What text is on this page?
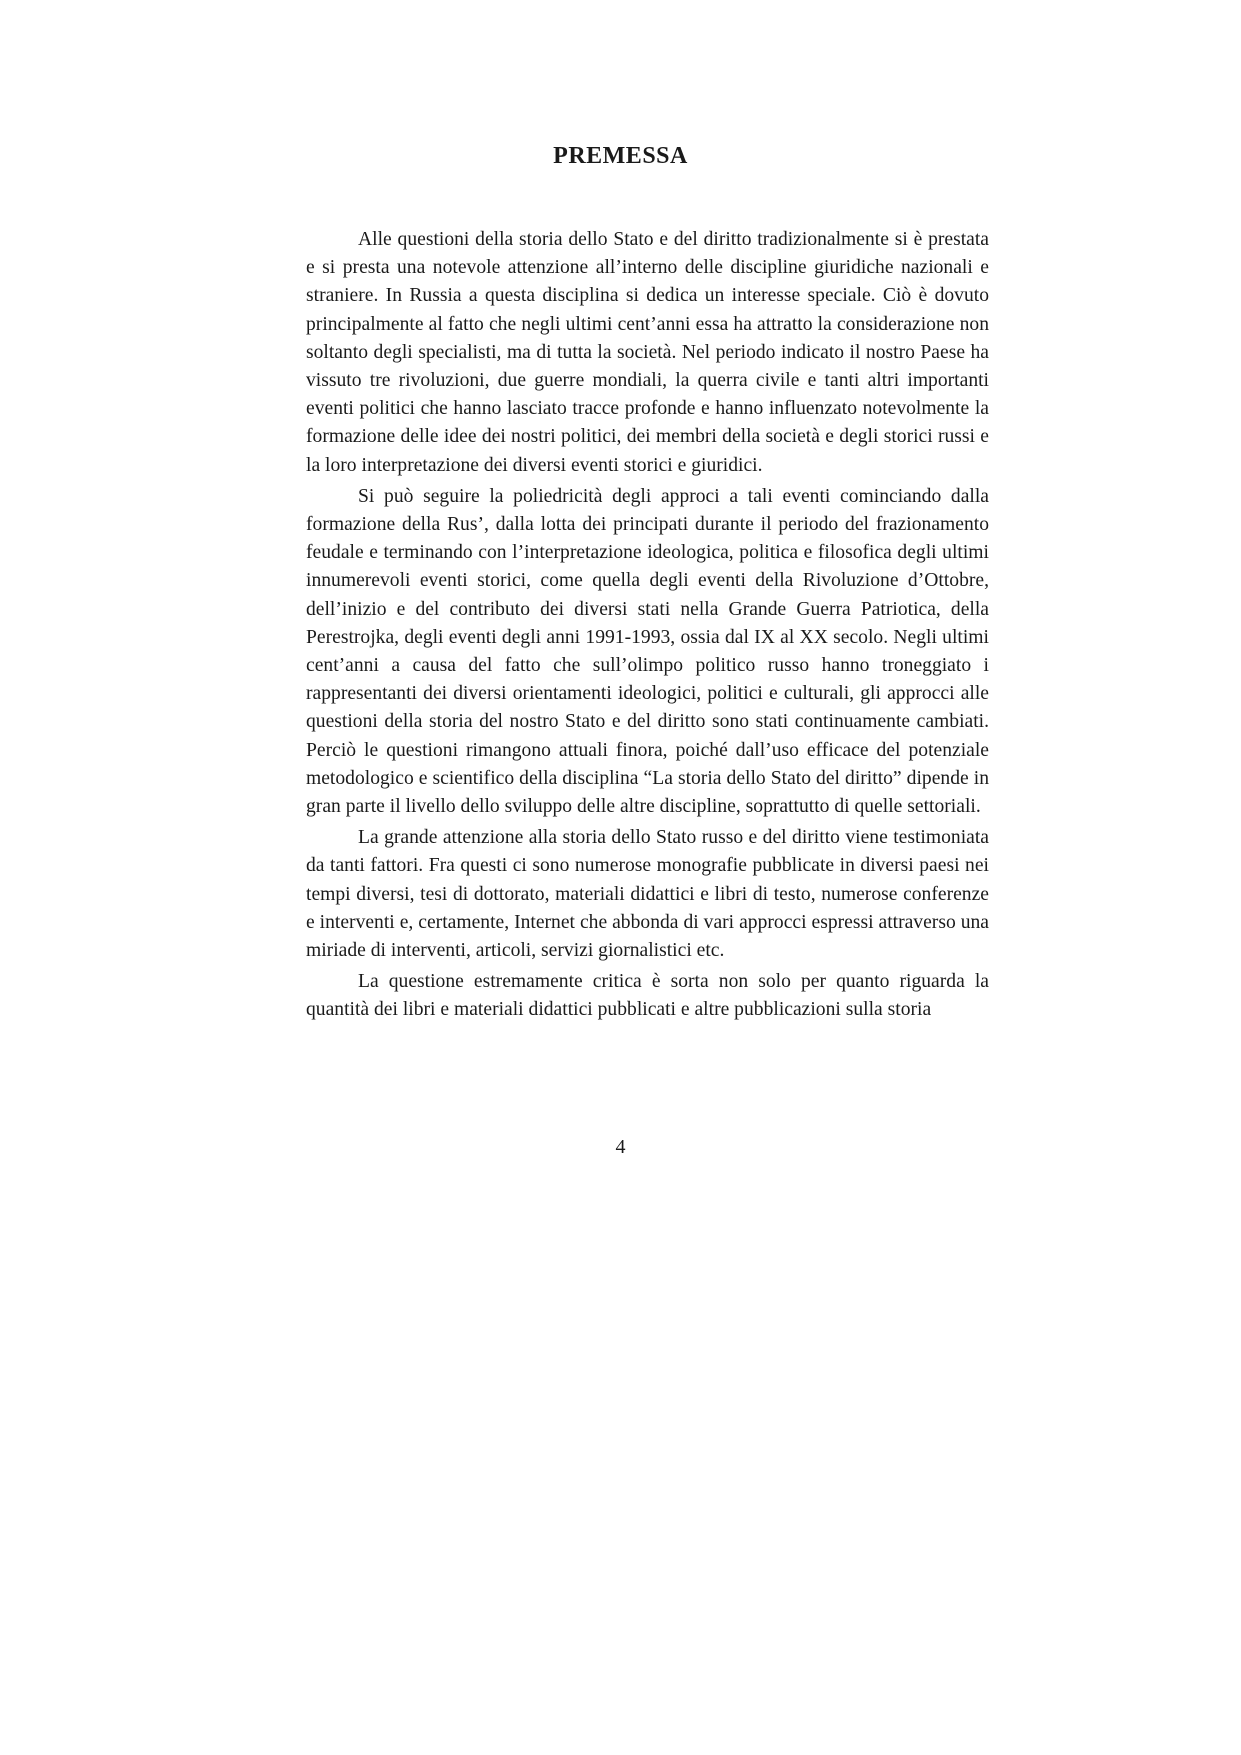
PREMESSA

Alle questioni della storia dello Stato e del diritto tradizionalmente si è prestata e si presta una notevole attenzione all’interno delle discipline giuridiche nazionali e straniere. In Russia a questa disciplina si dedica un interesse speciale. Ciò è dovuto principalmente al fatto che negli ultimi cent’anni essa ha attratto la considerazione non soltanto degli specialisti, ma di tutta la società. Nel periodo indicato il nostro Paese ha vissuto tre rivoluzioni, due guerre mondiali, la querra civile e tanti altri importanti eventi politici che hanno lasciato tracce profonde e hanno influenzato notevolmente la formazione delle idee dei nostri politici, dei membri della società e degli storici russi e la loro interpretazione dei diversi eventi storici e giuridici.

Si può seguire la poliedricità degli approci a tali eventi cominciando dalla formazione della Rus’, dalla lotta dei principati durante il periodo del frazionamento feudale e terminando con l’interpretazione ideologica, politica e filosofica degli ultimi innumerevoli eventi storici, come quella degli eventi della Rivoluzione d’Ottobre, dell’inizio e del contributo dei diversi stati nella Grande Guerra Patriotica, della Perestrojka, degli eventi degli anni 1991-1993, ossia dal IX al XX secolo. Negli ultimi cent’anni a causa del fatto che sull’olimpo politico russo hanno troneggiato i rappresentanti dei diversi orientamenti ideologici, politici e culturali, gli approcci alle questioni della storia del nostro Stato e del diritto sono stati continuamente cambiati. Perciò le questioni rimangono attuali finora, poiché dall’uso efficace del potenziale metodologico e scientifico della disciplina “La storia dello Stato del diritto” dipende in gran parte il livello dello sviluppo delle altre discipline, soprattutto di quelle settoriali.

La grande attenzione alla storia dello Stato russo e del diritto viene testimoniata da tanti fattori. Fra questi ci sono numerose monografie pubblicate in diversi paesi nei tempi diversi, tesi di dottorato, materiali didattici e libri di testo, numerose conferenze e interventi e, certamente, Internet che abbonda di vari approcci espressi attraverso una miriade di interventi, articoli, servizi giornalistici etc.

La questione estremamente critica è sorta non solo per quanto riguarda la quantità dei libri e materiali didattici pubblicati e altre pubblicazioni sulla storia

4
